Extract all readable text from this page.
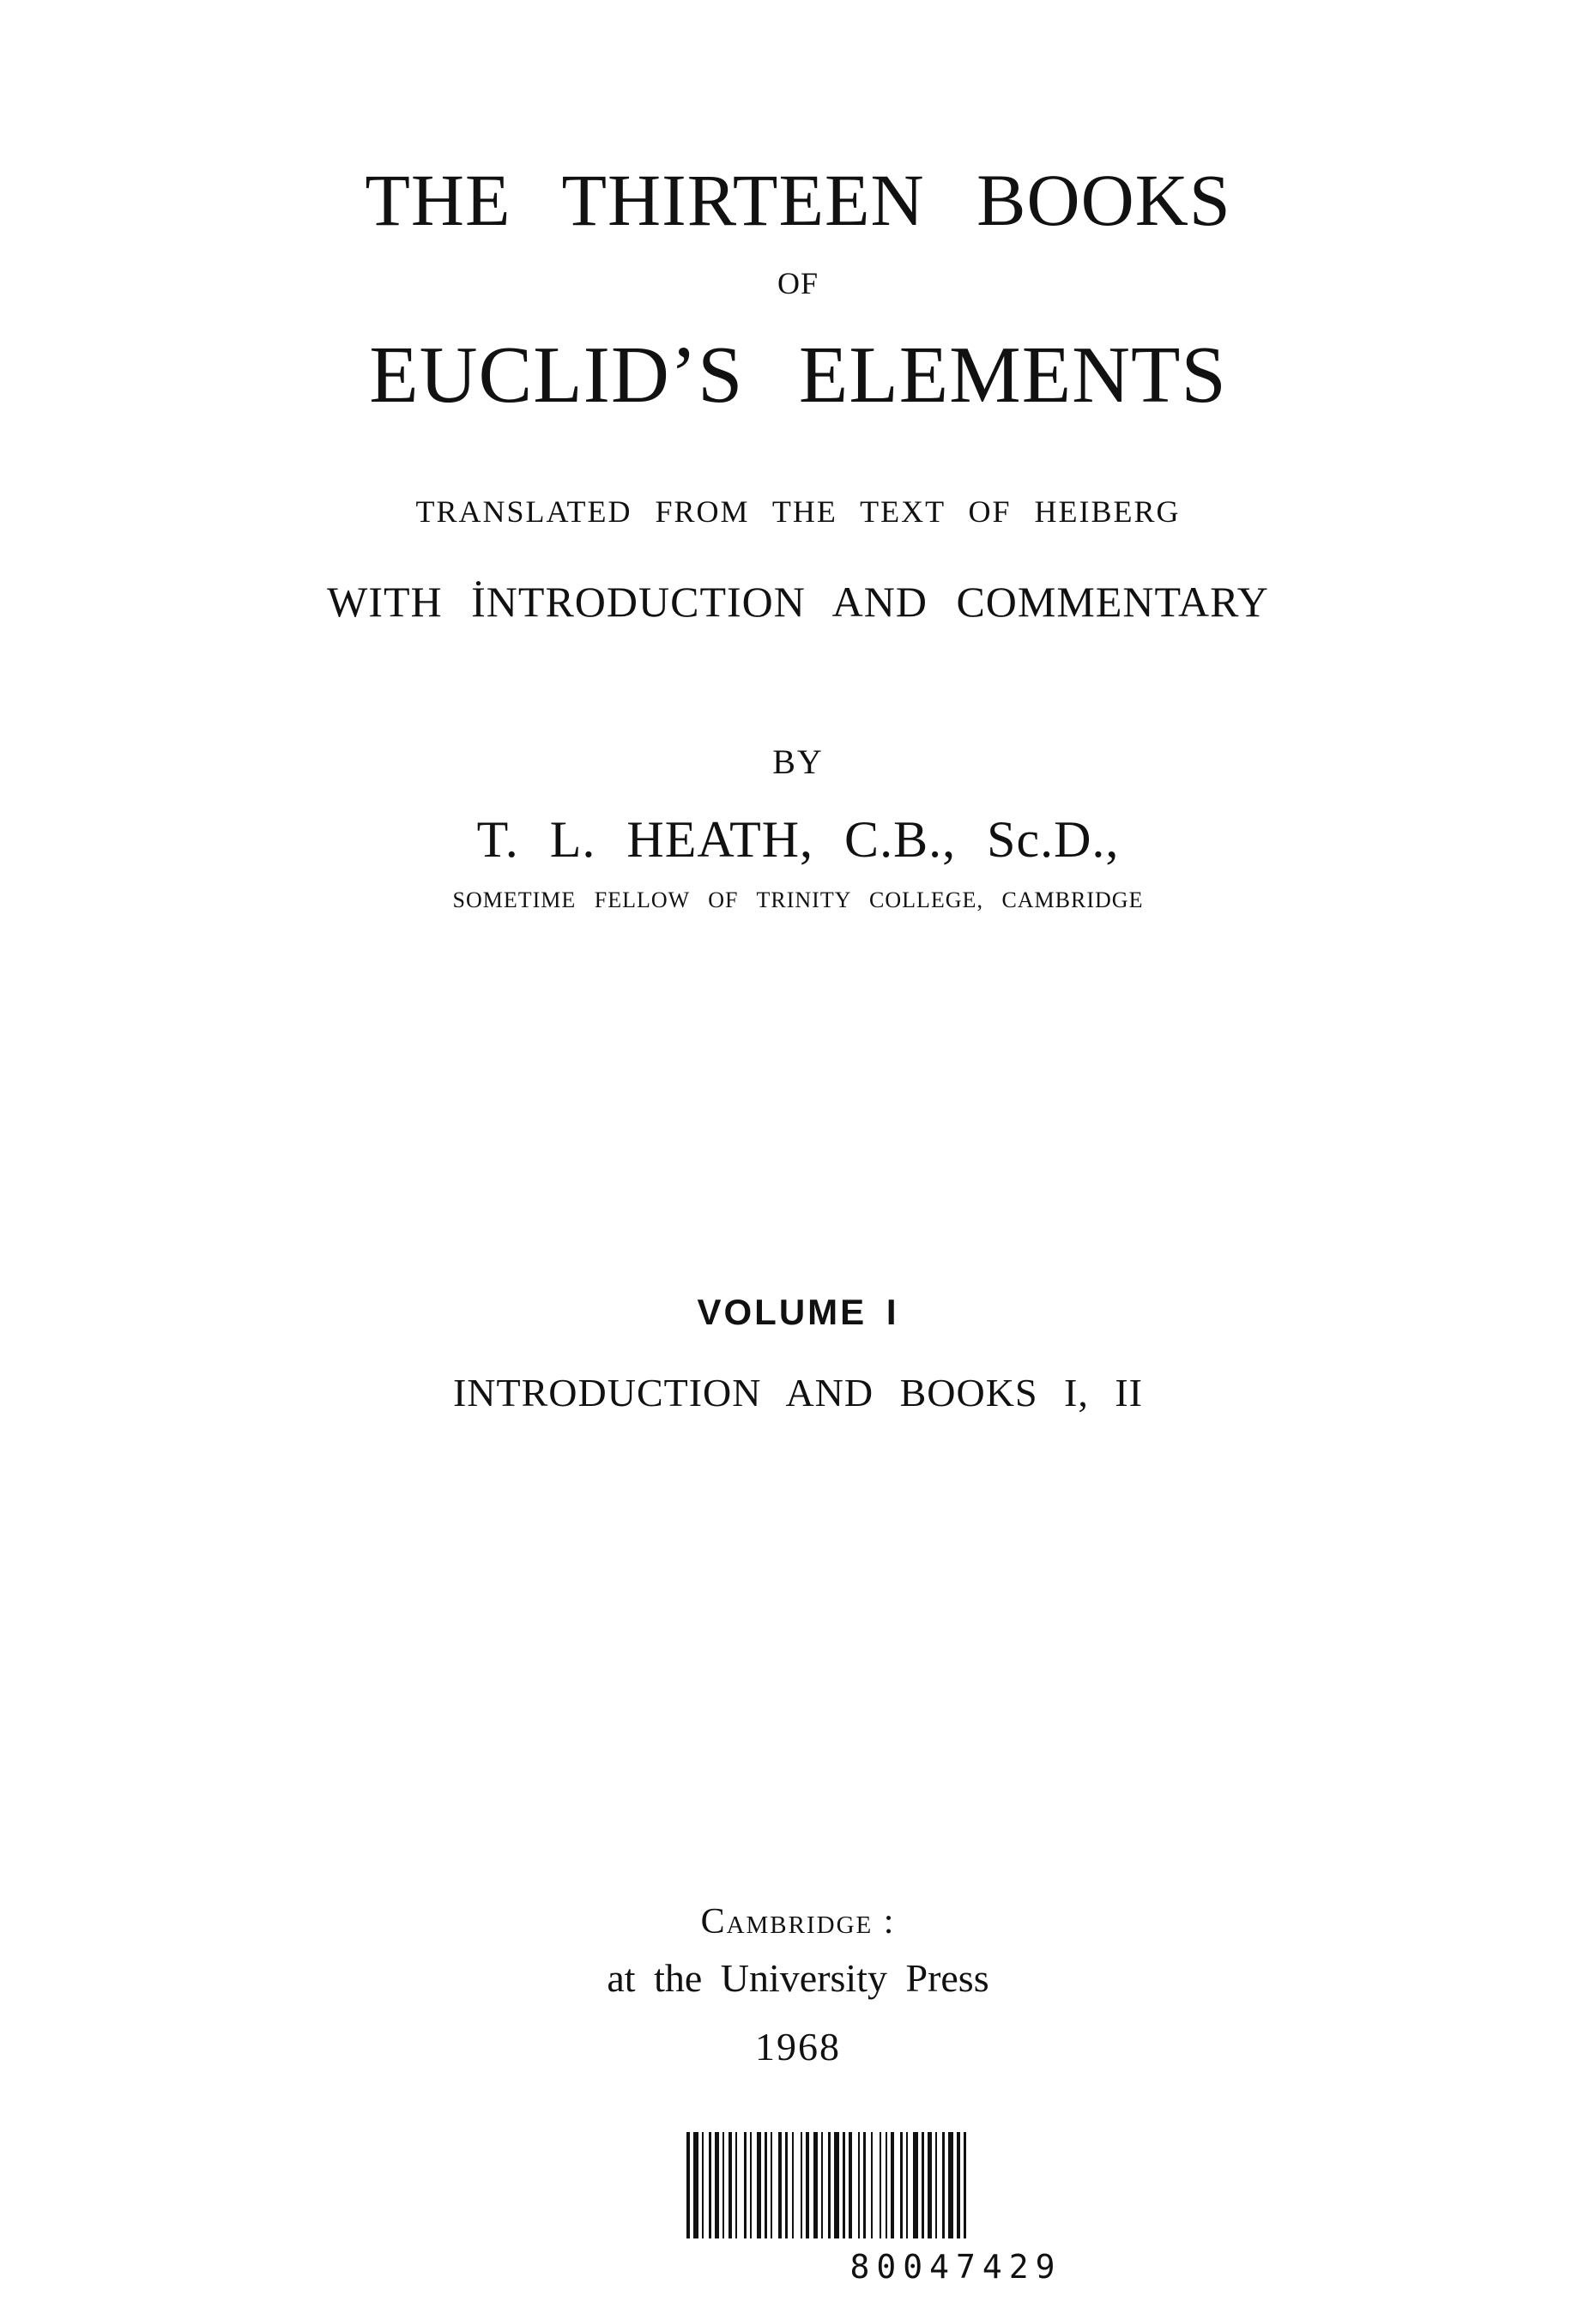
THE THIRTEEN BOOKS
OF
EUCLID’S ELEMENTS
TRANSLATED FROM THE TEXT OF HEIBERG
WITH İNTRODUCTION AND COMMENTARY
BY
T. L. HEATH, C.B., Sc.D.,
SOMETIME FELLOW OF TRINITY COLLEGE, CAMBRIDGE
VOLUME I
INTRODUCTION AND BOOKS I, II
Cambridge :
at the University Press
1968
80047429
